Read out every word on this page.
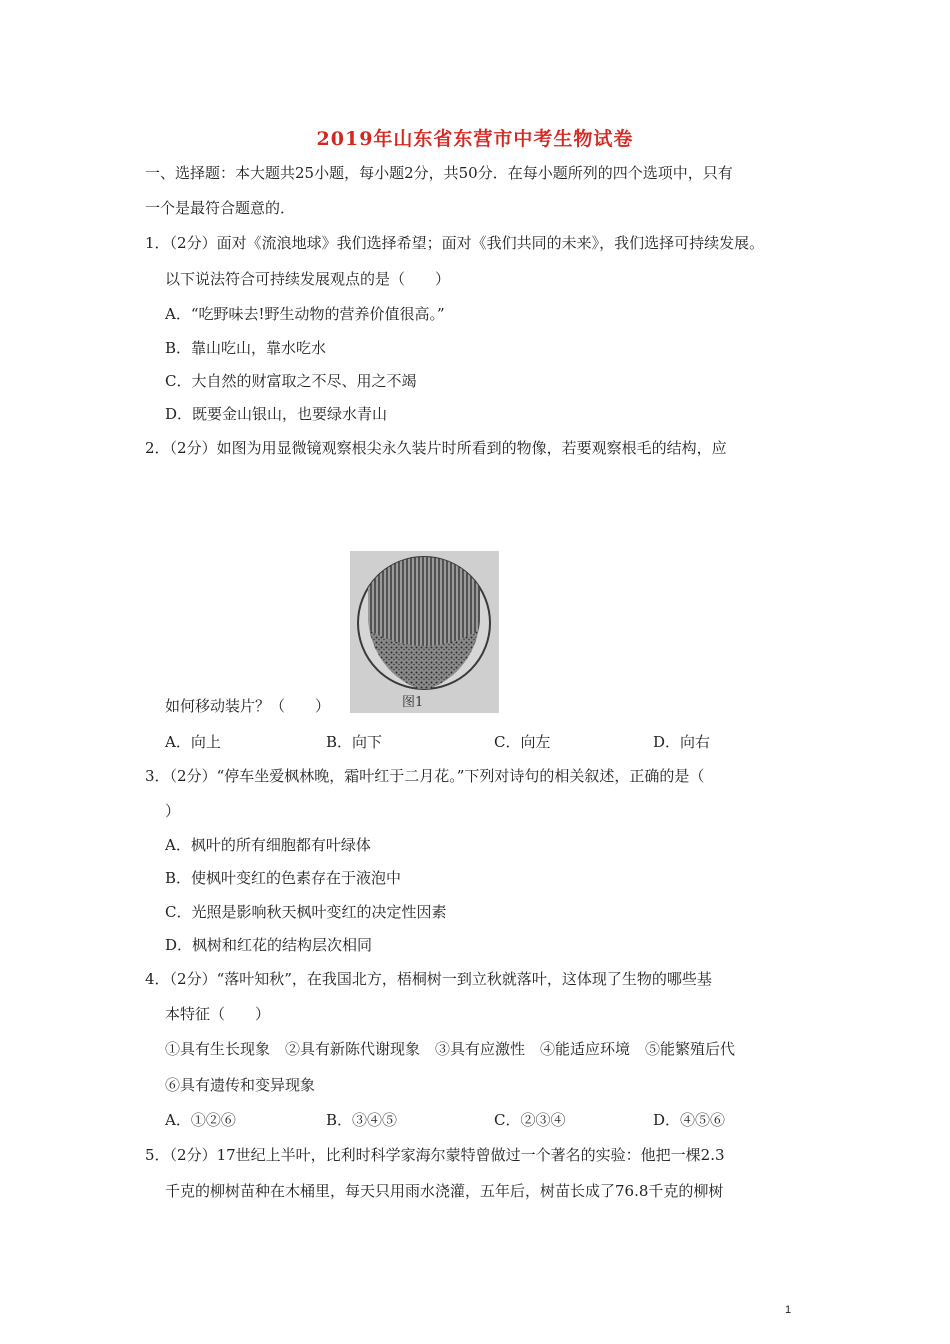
2019年山东省东营市中考生物试卷
一、选择题：本大题共25小题，每小题2分，共50分．在每小题所列的四个选项中，只有
一个是最符合题意的．
1．（2分）面对《流浪地球》我们选择希望；面对《我们共同的未来》，我们选择可持续发展。
以下说法符合可持续发展观点的是（　　）
A．“吃野味去!野生动物的营养价值很高。”
B．靠山吃山，靠水吃水
C．大自然的财富取之不尽、用之不竭
D．既要金山银山，也要绿水青山
2．（2分）如图为用显微镜观察根尖永久装片时所看到的物像，若要观察根毛的结构，应
图1
如何移动装片？（　　）
A．向上	B．向下	C．向左	D．向右
3．（2分）“停车坐爱枫林晚，霜叶红于二月花。”下列对诗句的相关叙述，正确的是（
）
A．枫叶的所有细胞都有叶绿体
B．使枫叶变红的色素存在于液泡中
C．光照是影响秋天枫叶变红的决定性因素
D．枫树和红花的结构层次相同
4．（2分）“落叶知秋”，在我国北方，梧桐树一到立秋就落叶，这体现了生物的哪些基
本特征（　　）
①具有生长现象　②具有新陈代谢现象　③具有应激性　④能适应环境　⑤能繁殖后代
⑥具有遗传和变异现象
A．①②⑥	B．③④⑤	C．②③④	D．④⑤⑥
5．（2分）17世纪上半叶，比利时科学家海尔蒙特曾做过一个著名的实验：他把一棵2.3
千克的柳树苗种在木桶里，每天只用雨水浇灌，五年后，树苗长成了76.8千克的柳树
1
